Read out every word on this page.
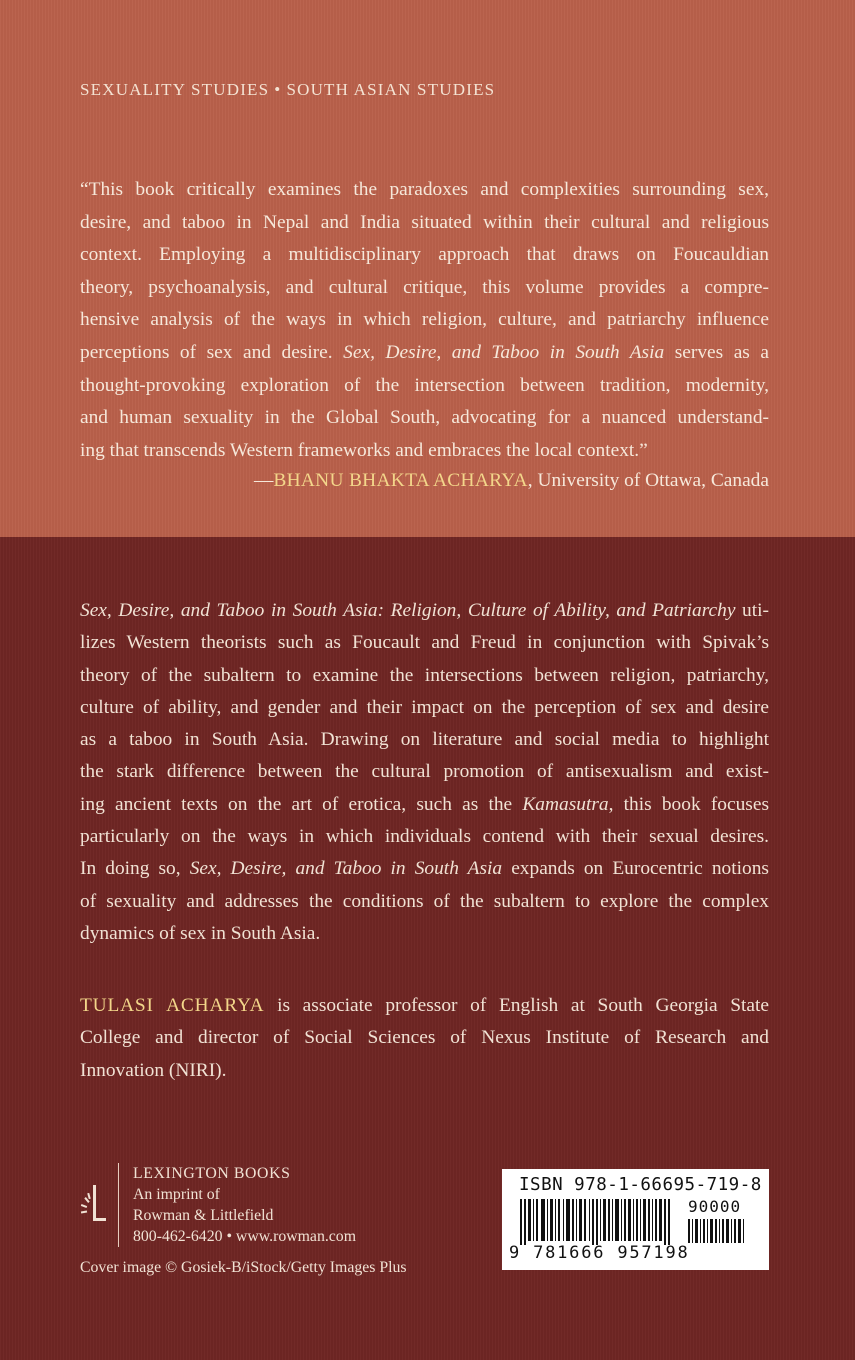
SEXUALITY STUDIES • SOUTH ASIAN STUDIES
“This book critically examines the paradoxes and complexities surrounding sex,
desire, and taboo in Nepal and India situated within their cultural and religious
context. Employing a multidisciplinary approach that draws on Foucauldian
theory, psychoanalysis, and cultural critique, this volume provides a compre-
hensive analysis of the ways in which religion, culture, and patriarchy influence
perceptions of sex and desire. Sex, Desire, and Taboo in South Asia serves as a
thought-provoking exploration of the intersection between tradition, modernity,
and human sexuality in the Global South, advocating for a nuanced understand-
ing that transcends Western frameworks and embraces the local context.”
—BHANU BHAKTA ACHARYA, University of Ottawa, Canada
Sex, Desire, and Taboo in South Asia: Religion, Culture of Ability, and Patriarchy uti-
lizes Western theorists such as Foucault and Freud in conjunction with Spivak’s
theory of the subaltern to examine the intersections between religion, patriarchy,
culture of ability, and gender and their impact on the perception of sex and desire
as a taboo in South Asia. Drawing on literature and social media to highlight
the stark difference between the cultural promotion of antisexualism and exist-
ing ancient texts on the art of erotica, such as the Kamasutra, this book focuses
particularly on the ways in which individuals contend with their sexual desires.
In doing so, Sex, Desire, and Taboo in South Asia expands on Eurocentric notions
of sexuality and addresses the conditions of the subaltern to explore the complex
dynamics of sex in South Asia.
TULASI ACHARYA is associate professor of English at South Georgia State
College and director of Social Sciences of Nexus Institute of Research and
Innovation (NIRI).
LEXINGTON BOOKS
An imprint of
Rowman & Littlefield
800-462-6420 • www.rowman.com
Cover image © Gosiek-B/iStock/Getty Images Plus
ISBN 978-1-66695-719-8
90000
9 781666 957198
